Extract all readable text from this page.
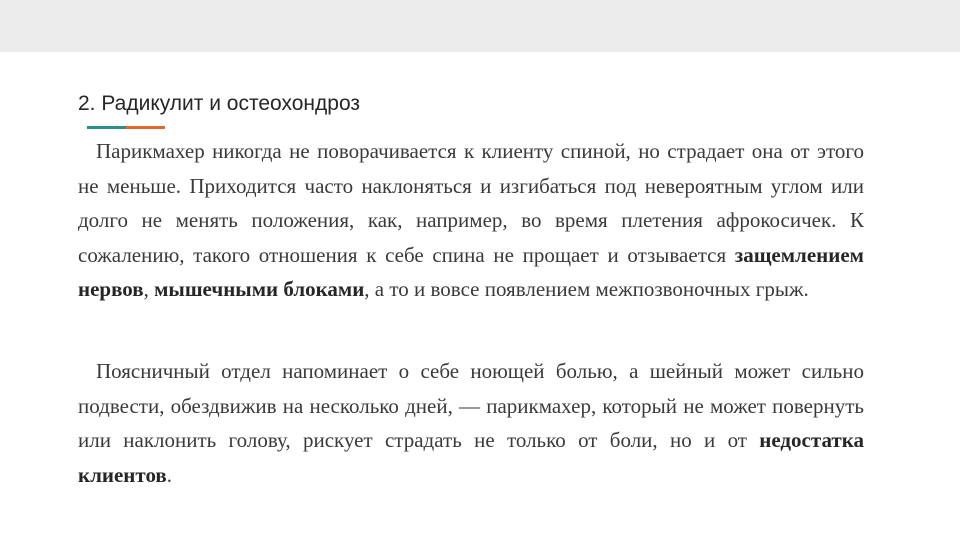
2. Радикулит и остеохондроз

Парикмахер никогда не поворачивается к клиенту спиной, но страдает она от этого не меньше. Приходится часто наклоняться и изгибаться под невероятным углом или долго не менять положения, как, например, во время плетения афрокосичек. К сожалению, такого отношения к себе спина не прощает и отзывается защемлением нервов, мышечными блоками, а то и вовсе появлением межпозвоночных грыж.

Поясничный отдел напоминает о себе ноющей болью, а шейный может сильно подвести, обездвижив на несколько дней, — парикмахер, который не может повернуть или наклонить голову, рискует страдать не только от боли, но и от недостатка клиентов.
